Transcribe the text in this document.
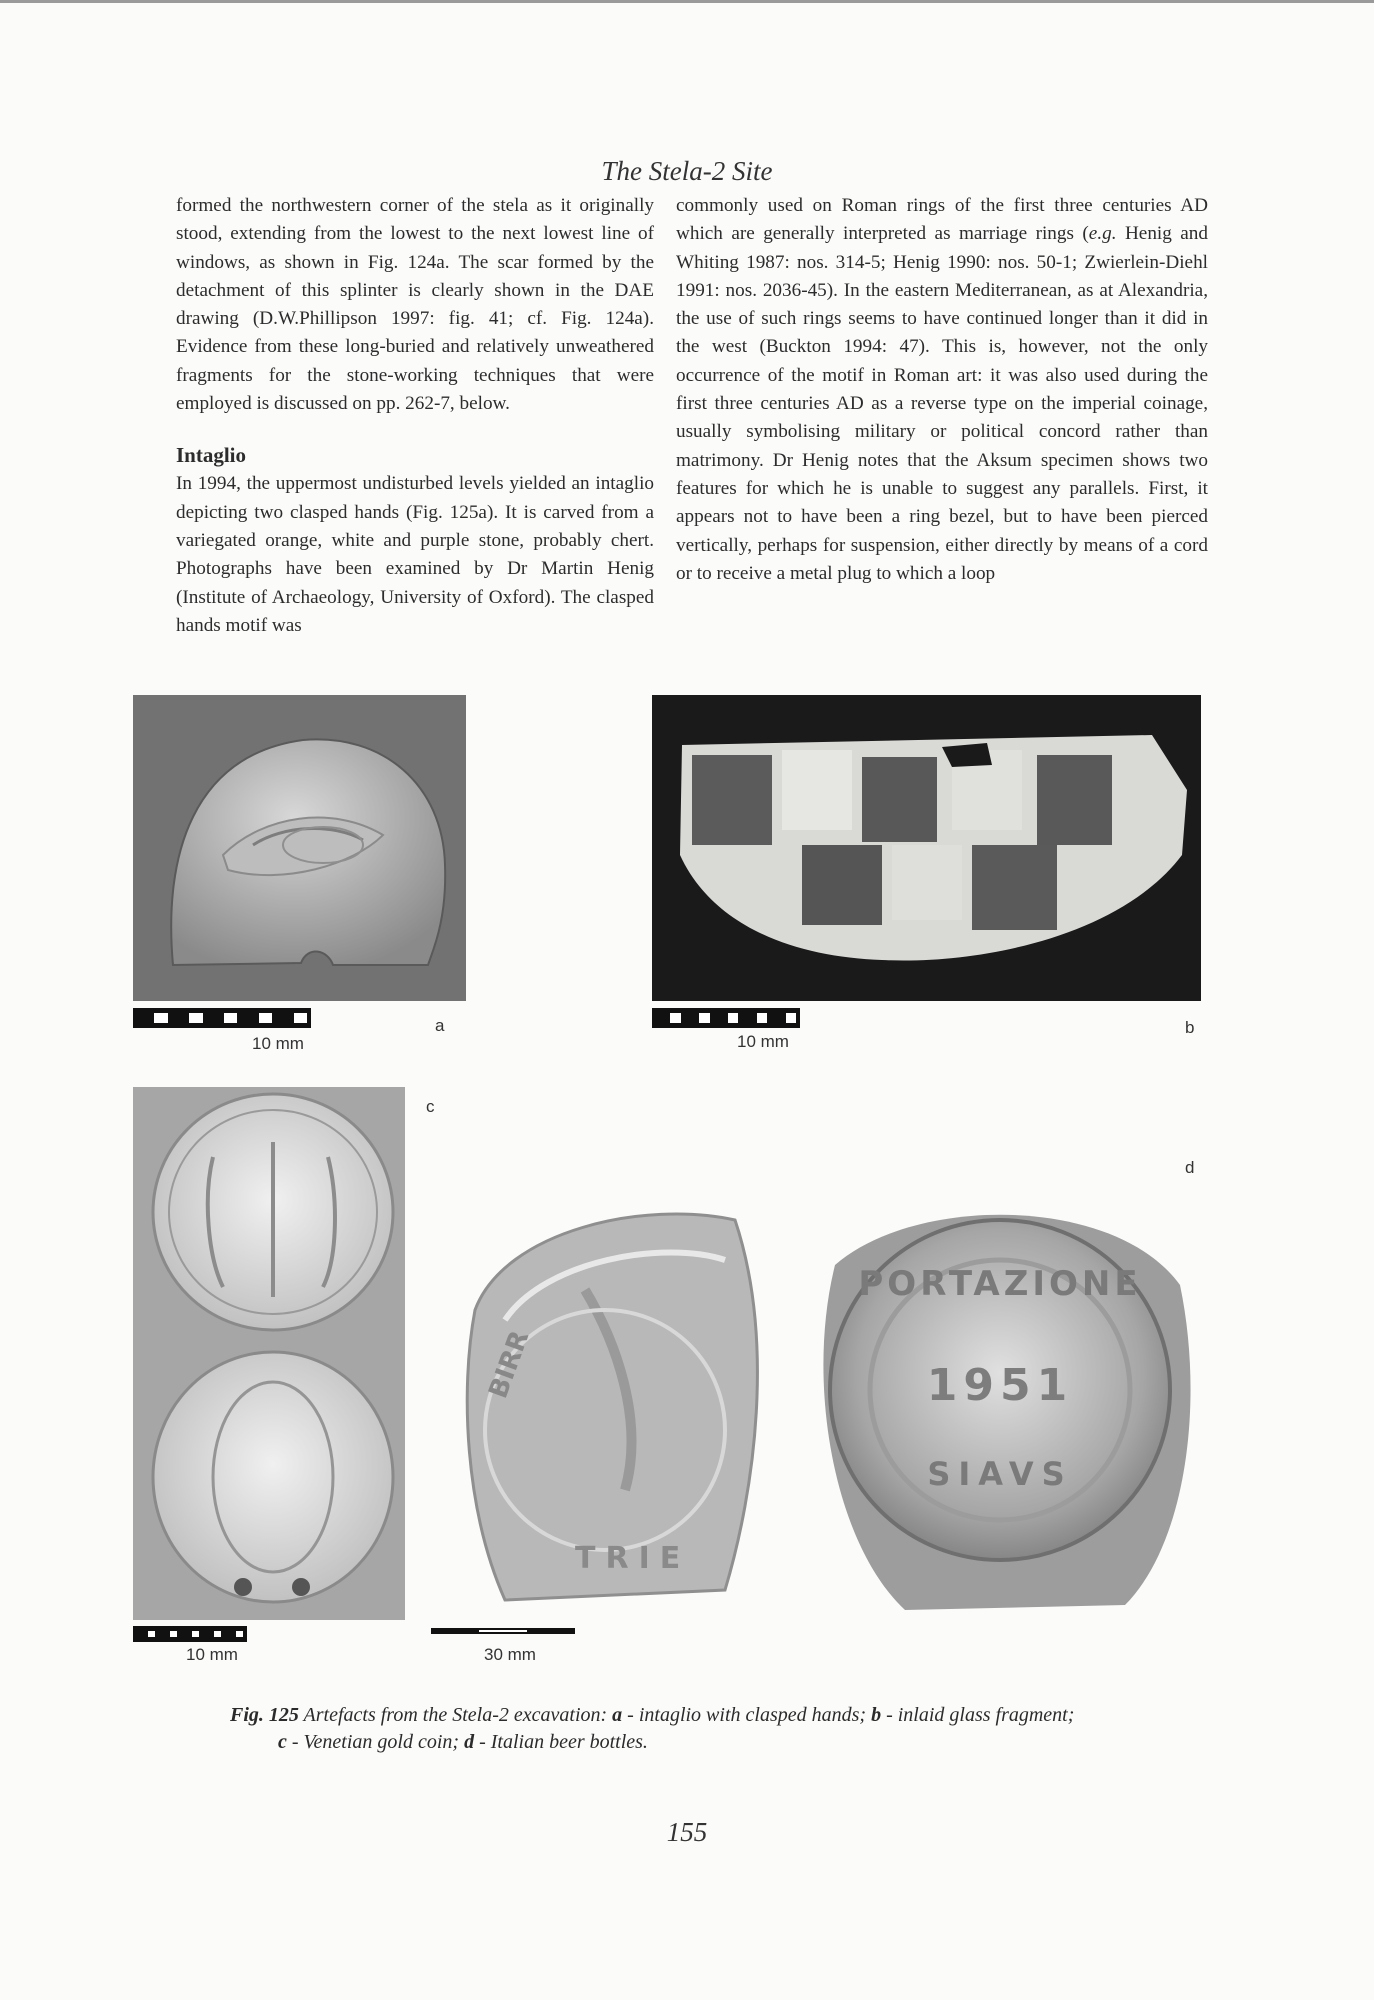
The Stela-2 Site

formed the northwestern corner of the stela as it originally stood, extending from the lowest to the next lowest line of windows, as shown in Fig. 124a. The scar formed by the detachment of this splinter is clearly shown in the DAE drawing (D.W.Phillipson 1997: fig. 41; cf. Fig. 124a). Evidence from these long-buried and relatively unweathered fragments for the stone-working techniques that were employed is discussed on pp. 262-7, below.

Intaglio

In 1994, the uppermost undisturbed levels yielded an intaglio depicting two clasped hands (Fig. 125a). It is carved from a variegated orange, white and purple stone, probably chert. Photographs have been examined by Dr Martin Henig (Institute of Archaeology, University of Oxford). The clasped hands motif was

commonly used on Roman rings of the first three centuries AD which are generally interpreted as marriage rings (e.g. Henig and Whiting 1987: nos. 314-5; Henig 1990: nos. 50-1; Zwierlein-Diehl 1991: nos. 2036-45). In the eastern Mediterranean, as at Alexandria, the use of such rings seems to have continued longer than it did in the west (Buckton 1994: 47). This is, however, not the only occurrence of the motif in Roman art: it was also used during the first three centuries AD as a reverse type on the imperial coinage, usually symbolising military or political concord rather than matrimony. Dr Henig notes that the Aksum specimen shows two features for which he is unable to suggest any parallels. First, it appears not to have been a ring bezel, but to have been pierced vertically, perhaps for suspension, either directly by means of a cord or to receive a metal plug to which a loop

10 mm
a
10 mm
b
10 mm
c
BIRR
TRIE
PORTAZIONE
1951
SIAVS
30 mm
d
Fig. 125 Artefacts from the Stela-2 excavation: a - intaglio with clasped hands; b - inlaid glass fragment;
c - Venetian gold coin; d - Italian beer bottles.
155
